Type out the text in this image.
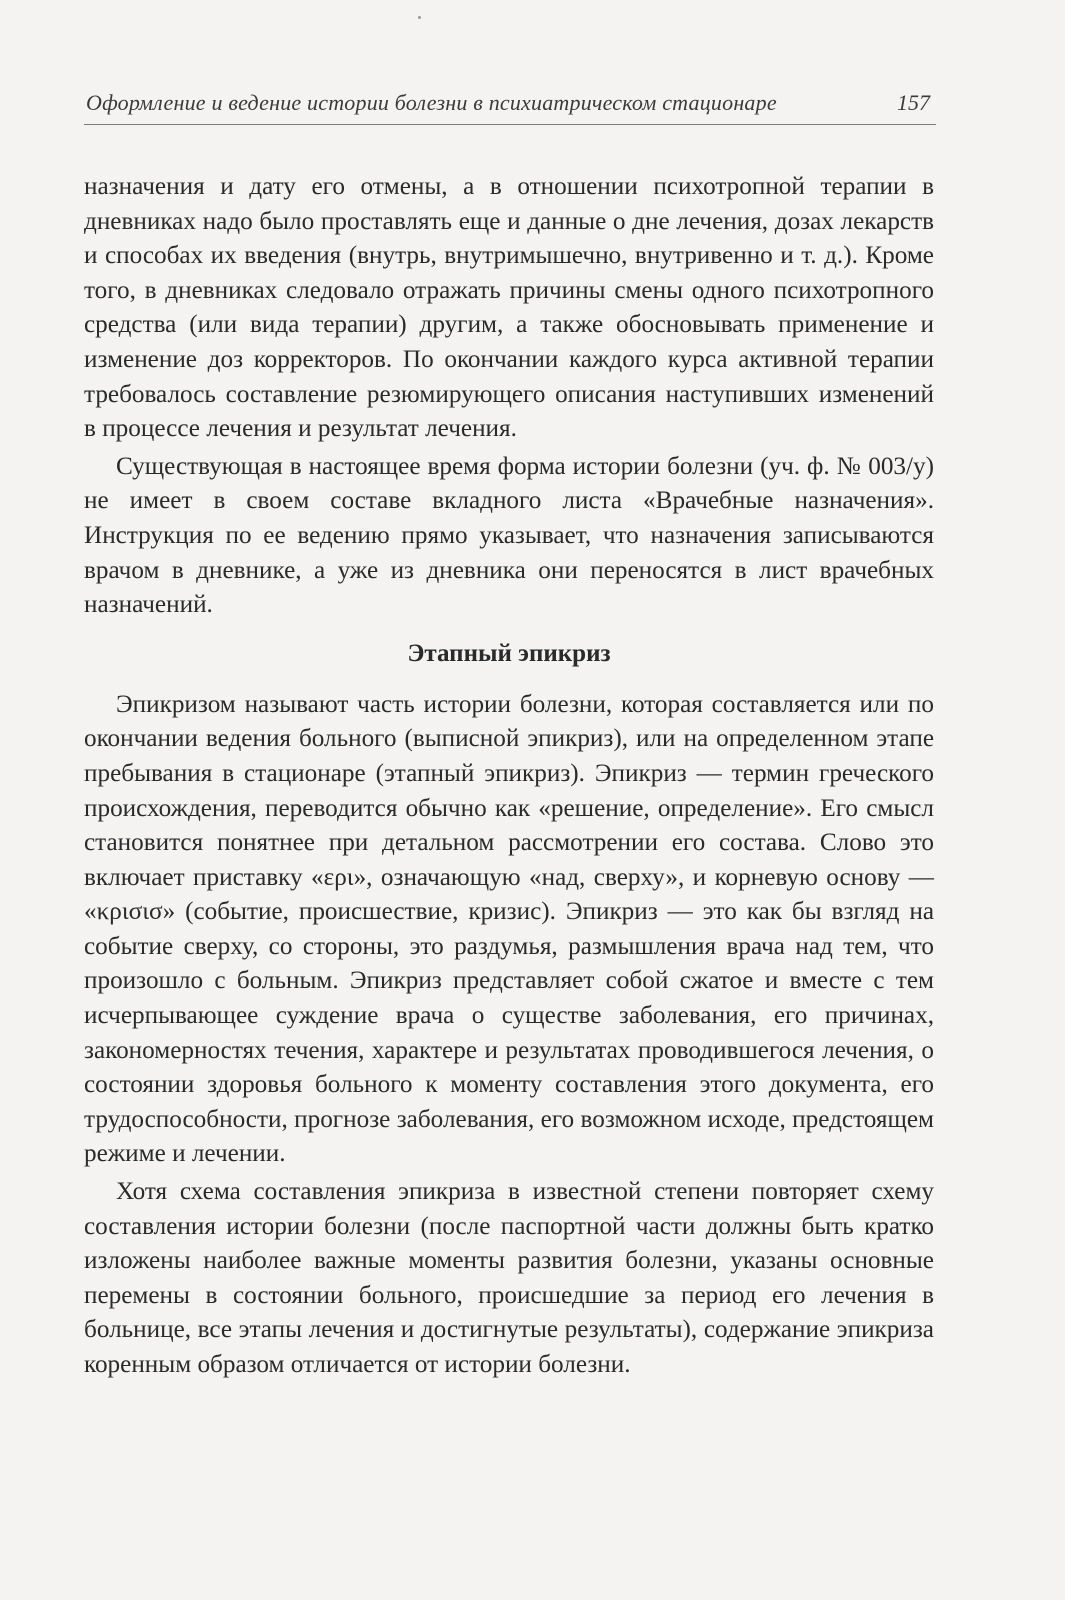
Оформление и ведение истории болезни в психиатрическом стационаре	157

назначения и дату его отмены, а в отношении психотропной терапии в дневниках надо было проставлять еще и данные о дне лечения, дозах лекарств и способах их введения (внутрь, внутримышечно, внутривенно и т. д.). Кроме того, в дневниках следовало отражать причины смены одного психотропного средства (или вида терапии) другим, а также обосновывать применение и изменение доз корректоров. По окончании каждого курса активной терапии требовалось составление резюмирующего описания наступивших изменений в процессе лечения и результат лечения.

Существующая в настоящее время форма истории болезни (уч. ф. № 003/у) не имеет в своем составе вкладного листа «Врачебные назначения». Инструкция по ее ведению прямо указывает, что назначения записываются врачом в дневнике, а уже из дневника они переносятся в лист врачебных назначений.

Этапный эпикриз

Эпикризом называют часть истории болезни, которая составляется или по окончании ведения больного (выписной эпикриз), или на определенном этапе пребывания в стационаре (этапный эпикриз). Эпикриз — термин греческого происхождения, переводится обычно как «решение, определение». Его смысл становится понятнее при детальном рассмотрении его состава. Слово это включает приставку «ερι», означающую «над, сверху», и корневую основу — «κρισισ» (событие, происшествие, кризис). Эпикриз — это как бы взгляд на событие сверху, со стороны, это раздумья, размышления врача над тем, что произошло с больным. Эпикриз представляет собой сжатое и вместе с тем исчерпывающее суждение врача о существе заболевания, его причинах, закономерностях течения, характере и результатах проводившегося лечения, о состоянии здоровья больного к моменту составления этого документа, его трудоспособности, прогнозе заболевания, его возможном исходе, предстоящем режиме и лечении.

Хотя схема составления эпикриза в известной степени повторяет схему составления истории болезни (после паспортной части должны быть кратко изложены наиболее важные моменты развития болезни, указаны основные перемены в состоянии больного, происшедшие за период его лечения в больнице, все этапы лечения и достигнутые результаты), содержание эпикриза коренным образом отличается от истории болезни.
